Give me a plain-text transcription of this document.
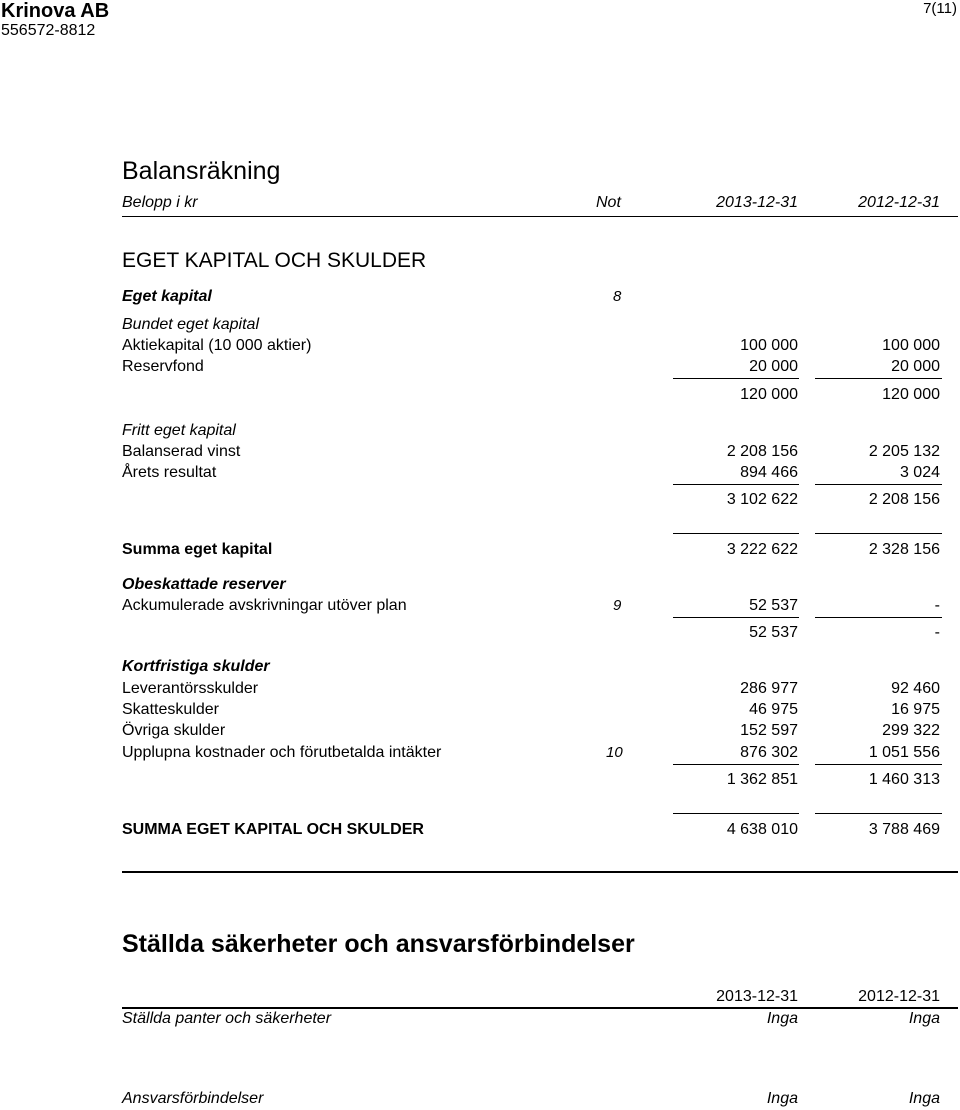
Krinova AB
556572-8812
7(11)
Balansräkning
Belopp i kr	Not	2013-12-31	2012-12-31
EGET KAPITAL OCH SKULDER
Eget kapital	8
Bundet eget kapital
Aktiekapital (10 000 aktier)	100 000	100 000
Reservfond	20 000	20 000
120 000	120 000
Fritt eget kapital
Balanserad vinst	2 208 156	2 205 132
Årets resultat	894 466	3 024
3 102 622	2 208 156
Summa eget kapital	3 222 622	2 328 156
Obeskattade reserver
Ackumulerade avskrivningar utöver plan	9	52 537	-
52 537	-
Kortfristiga skulder
Leverantörsskulder	286 977	92 460
Skatteskulder	46 975	16 975
Övriga skulder	152 597	299 322
Upplupna kostnader och förutbetalda intäkter	10	876 302	1 051 556
1 362 851	1 460 313
SUMMA EGET KAPITAL OCH SKULDER	4 638 010	3 788 469
Ställda säkerheter och ansvarsförbindelser
2013-12-31	2012-12-31
Ställda panter och säkerheter	Inga	Inga
Ansvarsförbindelser	Inga	Inga
